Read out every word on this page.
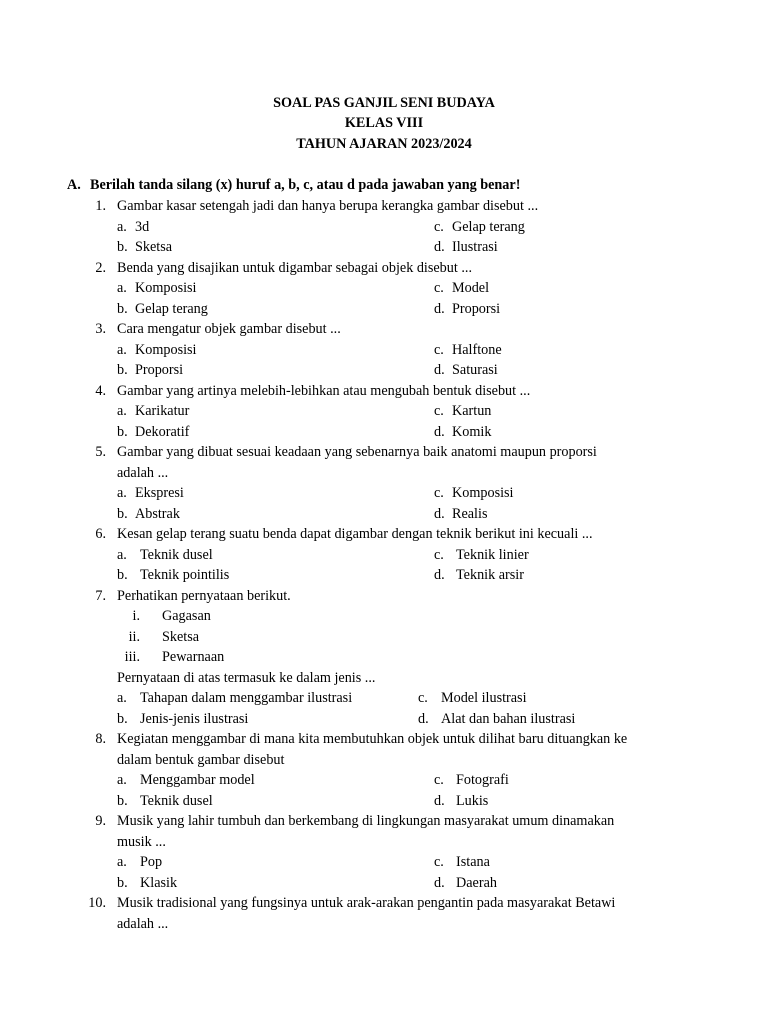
SOAL PAS GANJIL SENI BUDAYA
KELAS VIII
TAHUN AJARAN 2023/2024
A. Berilah tanda silang (x) huruf a, b, c, atau d pada jawaban yang benar!
1. Gambar kasar setengah jadi dan hanya berupa kerangka gambar disebut ...
a. 3d	c. Gelap terang
b. Sketsa	d. Ilustrasi
2. Benda yang disajikan untuk digambar sebagai objek disebut ...
a. Komposisi	c. Model
b. Gelap terang	d. Proporsi
3. Cara mengatur objek gambar disebut ...
a. Komposisi	c. Halftone
b. Proporsi	d. Saturasi
4. Gambar yang artinya melebih-lebihkan atau mengubah bentuk disebut ...
a. Karikatur	c. Kartun
b. Dekoratif	d. Komik
5. Gambar yang dibuat sesuai keadaan yang sebenarnya baik anatomi maupun proporsi
adalah ...
a. Ekspresi	c. Komposisi
b. Abstrak	d. Realis
6. Kesan gelap terang suatu benda dapat digambar dengan teknik berikut ini kecuali ...
a. Teknik dusel	c. Teknik linier
b. Teknik pointilis	d. Teknik arsir
7. Perhatikan pernyataan berikut.
i. Gagasan
ii. Sketsa
iii. Pewarnaan
Pernyataan di atas termasuk ke dalam jenis ...
a. Tahapan dalam menggambar ilustrasi	c. Model ilustrasi
b. Jenis-jenis ilustrasi	d. Alat dan bahan ilustrasi
8. Kegiatan menggambar di mana kita membutuhkan objek untuk dilihat baru dituangkan ke
dalam bentuk gambar disebut
a. Menggambar model	c. Fotografi
b. Teknik dusel	d. Lukis
9. Musik yang lahir tumbuh dan berkembang di lingkungan masyarakat umum dinamakan
musik ...
a. Pop	c. Istana
b. Klasik	d. Daerah
10. Musik tradisional yang fungsinya untuk arak-arakan pengantin pada masyarakat Betawi
adalah ...
